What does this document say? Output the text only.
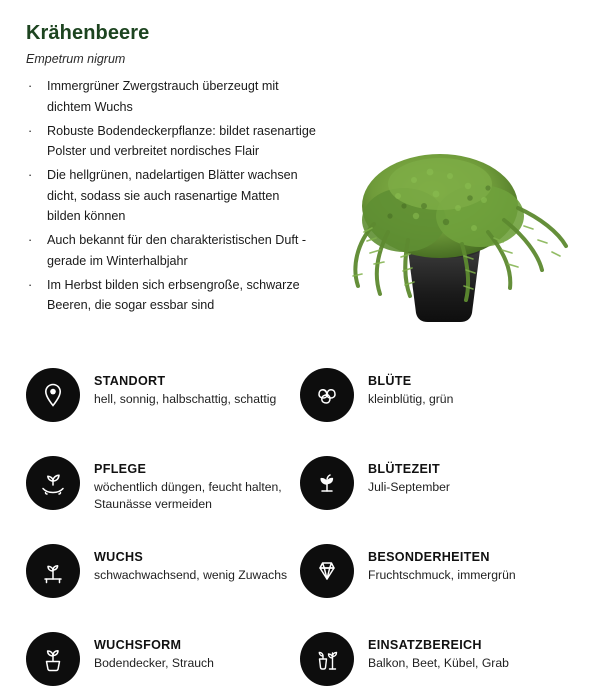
Krähenbeere
Empetrum nigrum
· Immergrüner Zwergstrauch überzeugt mit dichtem Wuchs
· Robuste Bodendeckerpflanze: bildet rasenartige Polster und verbreitet nordisches Flair
· Die hellgrünen, nadelartigen Blätter wachsen dicht, sodass sie auch rasenartige Matten bilden können
· Auch bekannt für den charakteristischen Duft - gerade im Winterhalbjahr
· Im Herbst bilden sich erbsengroße, schwarze Beeren, die sogar essbar sind
STANDORT
hell, sonnig, halbschattig, schattig
PFLEGE
wöchentlich düngen, feucht halten, Staunässe vermeiden
WUCHS
schwachwachsend, wenig Zuwachs
WUCHSFORM
Bodendecker, Strauch
BLÜTE
kleinblütig, grün
BLÜTEZEIT
Juli-September
BESONDERHEITEN
Fruchtschmuck, immergrün
EINSATZBEREICH
Balkon, Beet, Kübel, Grab
